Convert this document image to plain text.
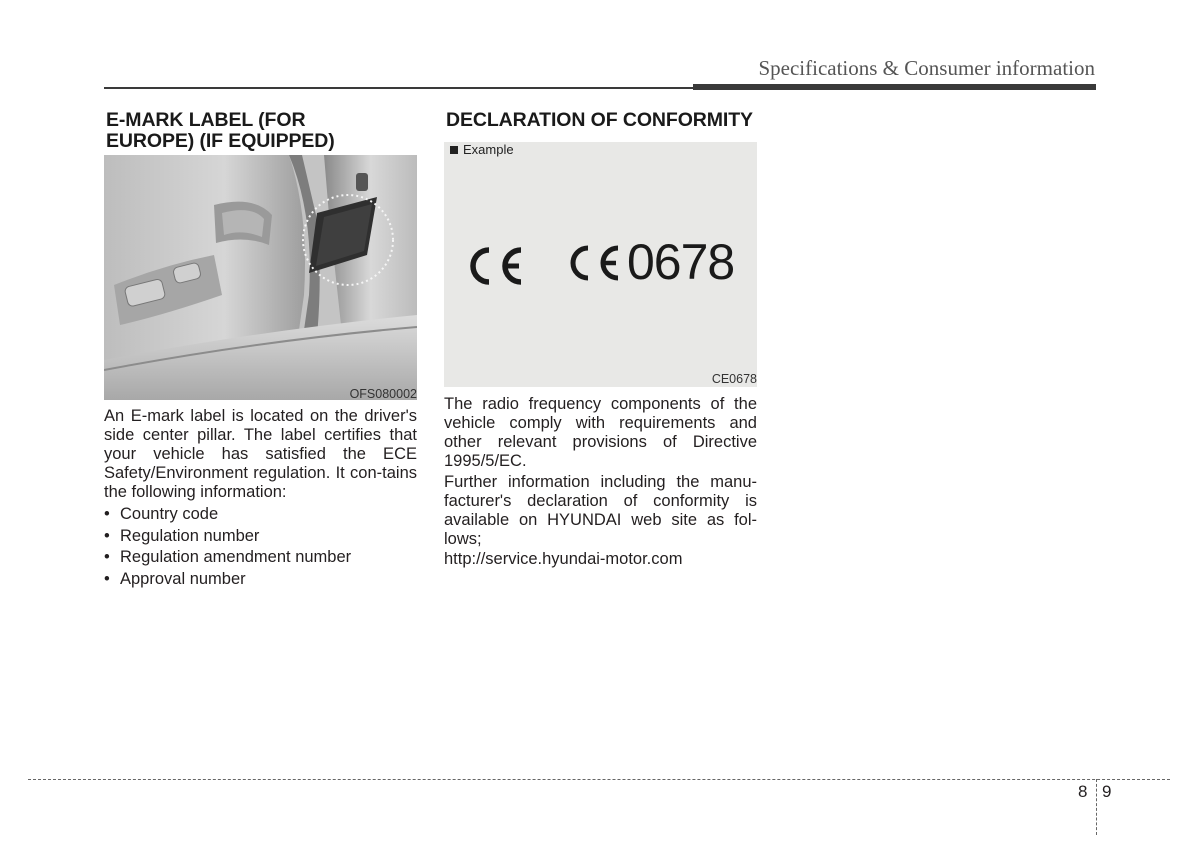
Specifications & Consumer information
E-MARK LABEL (FOR
EUROPE) (IF EQUIPPED)
OFS080002
An E-mark label is located on the driver's side center pillar. The label certifies that your vehicle has satisfied the ECE Safety/Environment regulation. It con-tains the following information:
• Country code
• Regulation number
• Regulation amendment number
• Approval number
DECLARATION OF CONFORMITY
Example
0678
CE0678
The radio frequency components of the vehicle comply with requirements and other relevant provisions of Directive 1995/5/EC.
Further information including the manu-facturer's declaration of conformity is available on HYUNDAI web site as fol-lows;
http://service.hyundai-motor.com
8 9
